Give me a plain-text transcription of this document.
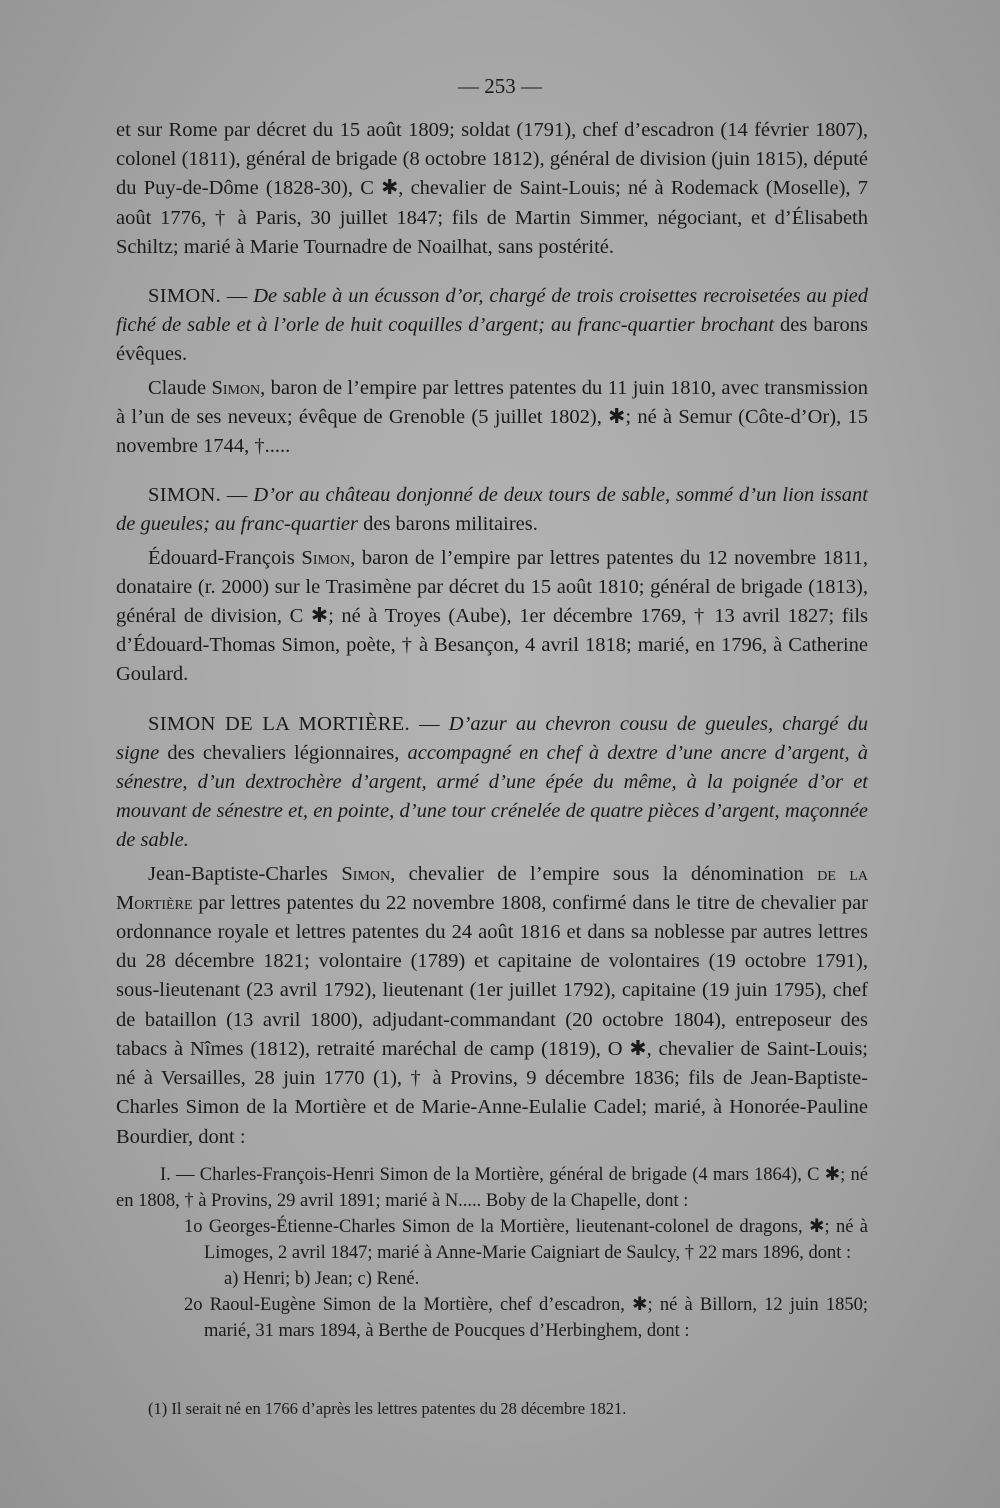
— 253 —

et sur Rome par décret du 15 août 1809; soldat (1791), chef d’escadron (14 février 1807), colonel (1811), général de brigade (8 octobre 1812), général de division (juin 1815), député du Puy-de-Dôme (1828-30), C ✱, chevalier de Saint-Louis; né à Rodemack (Moselle), 7 août 1776, † à Paris, 30 juillet 1847; fils de Martin Simmer, négociant, et d’Élisabeth Schiltz; marié à Marie Tournadre de Noailhat, sans postérité.

SIMON. — De sable à un écusson d’or, chargé de trois croisettes recroisetées au pied fiché de sable et à l’orle de huit coquilles d’argent; au franc-quartier brochant des barons évêques.

Claude Simon, baron de l’empire par lettres patentes du 11 juin 1810, avec transmission à l’un de ses neveux; évêque de Grenoble (5 juillet 1802), ✱; né à Semur (Côte-d’Or), 15 novembre 1744, †.....

SIMON. — D’or au château donjonné de deux tours de sable, sommé d’un lion issant de gueules; au franc-quartier des barons militaires.

Édouard-François Simon, baron de l’empire par lettres patentes du 12 novembre 1811, donataire (r. 2000) sur le Trasimène par décret du 15 août 1810; général de brigade (1813), général de division, C ✱; né à Troyes (Aube), 1er décembre 1769, † 13 avril 1827; fils d’Édouard-Thomas Simon, poète, † à Besançon, 4 avril 1818; marié, en 1796, à Catherine Goulard.

SIMON DE LA MORTIÈRE. — D’azur au chevron cousu de gueules, chargé du signe des chevaliers légionnaires, accompagné en chef à dextre d’une ancre d’argent, à sénestre, d’un dextrochère d’argent, armé d’une épée du même, à la poignée d’or et mouvant de sénestre et, en pointe, d’une tour crénelée de quatre pièces d’argent, maçonnée de sable.

Jean-Baptiste-Charles Simon, chevalier de l’empire sous la dénomination de la Mortière par lettres patentes du 22 novembre 1808, confirmé dans le titre de chevalier par ordonnance royale et lettres patentes du 24 août 1816 et dans sa noblesse par autres lettres du 28 décembre 1821; volontaire (1789) et capitaine de volontaires (19 octobre 1791), sous-lieutenant (23 avril 1792), lieutenant (1er juillet 1792), capitaine (19 juin 1795), chef de bataillon (13 avril 1800), adjudant-commandant (20 octobre 1804), entreposeur des tabacs à Nîmes (1812), retraité maréchal de camp (1819), O ✱, chevalier de Saint-Louis; né à Versailles, 28 juin 1770 (1), † à Provins, 9 décembre 1836; fils de Jean-Baptiste-Charles Simon de la Mortière et de Marie-Anne-Eulalie Cadel; marié, à Honorée-Pauline Bourdier, dont :

I. — Charles-François-Henri Simon de la Mortière, général de brigade (4 mars 1864), C ✱; né en 1808, † à Provins, 29 avril 1891; marié à N..... Boby de la Chapelle, dont :

1o Georges-Étienne-Charles Simon de la Mortière, lieutenant-colonel de dragons, ✱; né à Limoges, 2 avril 1847; marié à Anne-Marie Caigniart de Saulcy, † 22 mars 1896, dont :

a) Henri; b) Jean; c) René.

2o Raoul-Eugène Simon de la Mortière, chef d’escadron, ✱; né à Billorn, 12 juin 1850; marié, 31 mars 1894, à Berthe de Poucques d’Herbinghem, dont :

(1) Il serait né en 1766 d’après les lettres patentes du 28 décembre 1821.
